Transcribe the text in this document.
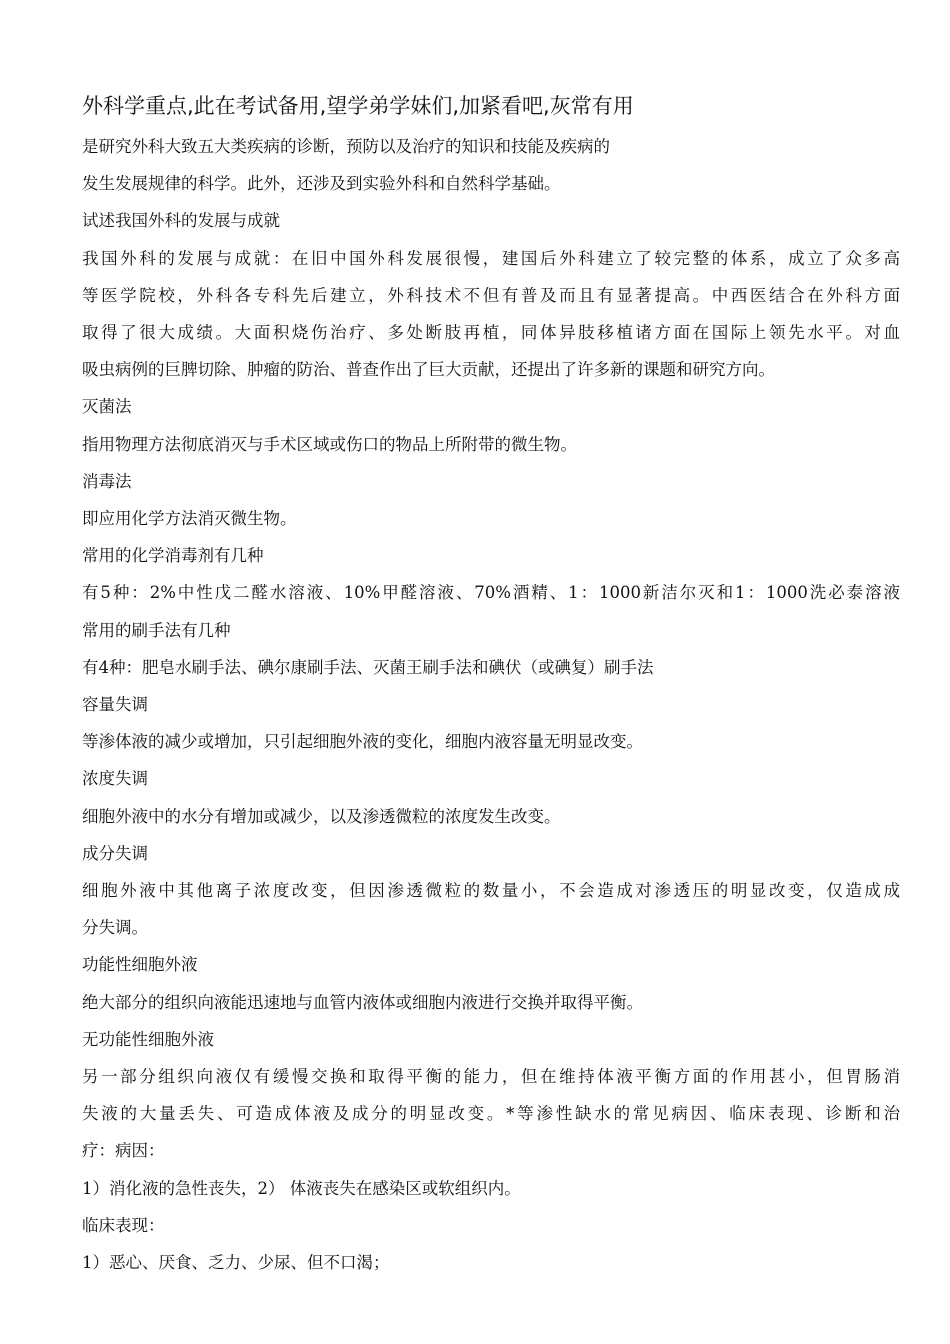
外科学重点,此在考试备用,望学弟学妹们,加紧看吧,灰常有用

是研究外科大致五大类疾病的诊断，预防以及治疗的知识和技能及疾病的

发生发展规律的科学。此外，还涉及到实验外科和自然科学基础。

试述我国外科的发展与成就

我国外科的发展与成就：在旧中国外科发展很慢，建国后外科建立了较完整的体系，成立了众多高

等医学院校，外科各专科先后建立，外科技术不但有普及而且有显著提高。中西医结合在外科方面

取得了很大成绩。大面积烧伤治疗、多处断肢再植，同体异肢移植诸方面在国际上领先水平。对血

吸虫病例的巨脾切除、肿瘤的防治、普查作出了巨大贡献，还提出了许多新的课题和研究方向。

灭菌法

指用物理方法彻底消灭与手术区域或伤口的物品上所附带的微生物。

消毒法

即应用化学方法消灭微生物。

常用的化学消毒剂有几种

有5种：2%中性戊二醛水溶液、10%甲醛溶液、70%酒精、1：1000新洁尔灭和1：1000洗必泰溶液

常用的刷手法有几种

有4种：肥皂水刷手法、碘尔康刷手法、灭菌王刷手法和碘伏（或碘复）刷手法

容量失调

等渗体液的减少或增加，只引起细胞外液的变化，细胞内液容量无明显改变。

浓度失调

细胞外液中的水分有增加或减少，以及渗透微粒的浓度发生改变。

成分失调

细胞外液中其他离子浓度改变，但因渗透微粒的数量小，不会造成对渗透压的明显改变，仅造成成

分失调。

功能性细胞外液

绝大部分的组织向液能迅速地与血管内液体或细胞内液进行交换并取得平衡。

无功能性细胞外液

另一部分组织向液仅有缓慢交换和取得平衡的能力，但在维持体液平衡方面的作用甚小，但胃肠消

失液的大量丢失、可造成体液及成分的明显改变。*等渗性缺水的常见病因、临床表现、诊断和治

疗：病因：

1）消化液的急性丧失，2） 体液丧失在感染区或软组织内。

临床表现：

1）恶心、厌食、乏力、少尿、但不口渴；
